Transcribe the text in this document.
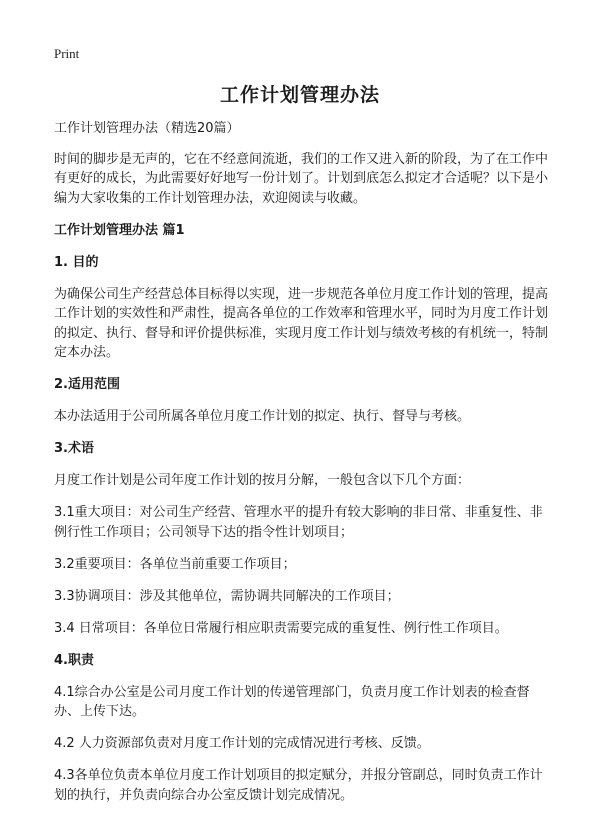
Print
工作计划管理办法

工作计划管理办法（精选20篇）

时间的脚步是无声的，它在不经意间流逝，我们的工作又进入新的阶段，为了在工作中有更好的成长，为此需要好好地写一份计划了。计划到底怎么拟定才合适呢？以下是小编为大家收集的工作计划管理办法，欢迎阅读与收藏。

工作计划管理办法 篇1
1. 目的

为确保公司生产经营总体目标得以实现，进一步规范各单位月度工作计划的管理，提高工作计划的实效性和严肃性，提高各单位的工作效率和管理水平，同时为月度工作计划的拟定、执行、督导和评价提供标准，实现月度工作计划与绩效考核的有机统一，特制定本办法。

2.适用范围

本办法适用于公司所属各单位月度工作计划的拟定、执行、督导与考核。

3.术语

月度工作计划是公司年度工作计划的按月分解，一般包含以下几个方面：

3.1重大项目：对公司生产经营、管理水平的提升有较大影响的非日常、非重复性、非例行性工作项目；公司领导下达的指令性计划项目；

3.2重要项目：各单位当前重要工作项目；

3.3协调项目：涉及其他单位，需协调共同解决的工作项目；

3.4 日常项目：各单位日常履行相应职责需要完成的重复性、例行性工作项目。

4.职责

4.1综合办公室是公司月度工作计划的传递管理部门，负责月度工作计划表的检查督办、上传下达。

4.2 人力资源部负责对月度工作计划的完成情况进行考核、反馈。

4.3各单位负责本单位月度工作计划项目的拟定赋分，并报分管副总，同时负责工作计划的执行，并负责向综合办公室反馈计划完成情况。
